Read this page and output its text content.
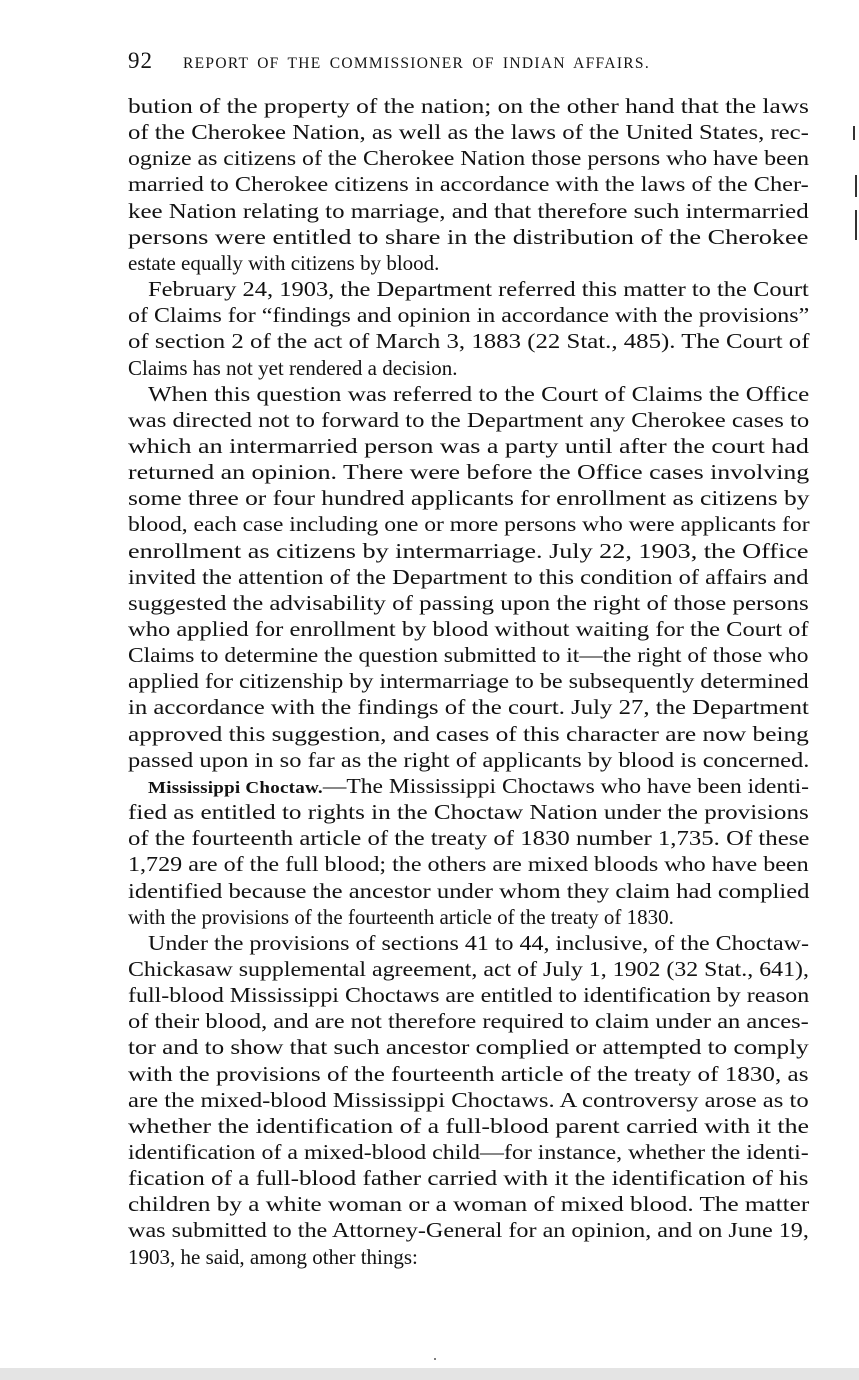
92 REPORT OF THE COMMISSIONER OF INDIAN AFFAIRS.
bution of the property of the nation; on the other hand that the laws
of the Cherokee Nation, as well as the laws of the United States, rec-
ognize as citizens of the Cherokee Nation those persons who have been
married to Cherokee citizens in accordance with the laws of the Cher-
kee Nation relating to marriage, and that therefore such intermarried
persons were entitled to share in the distribution of the Cherokee
estate equally with citizens by blood.
February 24, 1903, the Department referred this matter to the Court
of Claims for “findings and opinion in accordance with the provisions”
of section 2 of the act of March 3, 1883 (22 Stat., 485). The Court of
Claims has not yet rendered a decision.
When this question was referred to the Court of Claims the Office
was directed not to forward to the Department any Cherokee cases to
which an intermarried person was a party until after the court had
returned an opinion. There were before the Office cases involving
some three or four hundred applicants for enrollment as citizens by
blood, each case including one or more persons who were applicants for
enrollment as citizens by intermarriage. July 22, 1903, the Office
invited the attention of the Department to this condition of affairs and
suggested the advisability of passing upon the right of those persons
who applied for enrollment by blood without waiting for the Court of
Claims to determine the question submitted to it—the right of those who
applied for citizenship by intermarriage to be subsequently determined
in accordance with the findings of the court. July 27, the Department
approved this suggestion, and cases of this character are now being
passed upon in so far as the right of applicants by blood is concerned.
Mississippi Choctaw.—The Mississippi Choctaws who have been identi-
fied as entitled to rights in the Choctaw Nation under the provisions
of the fourteenth article of the treaty of 1830 number 1,735. Of these
1,729 are of the full blood; the others are mixed bloods who have been
identified because the ancestor under whom they claim had complied
with the provisions of the fourteenth article of the treaty of 1830.
Under the provisions of sections 41 to 44, inclusive, of the Choctaw-
Chickasaw supplemental agreement, act of July 1, 1902 (32 Stat., 641),
full-blood Mississippi Choctaws are entitled to identification by reason
of their blood, and are not therefore required to claim under an ances-
tor and to show that such ancestor complied or attempted to comply
with the provisions of the fourteenth article of the treaty of 1830, as
are the mixed-blood Mississippi Choctaws. A controversy arose as to
whether the identification of a full-blood parent carried with it the
identification of a mixed-blood child—for instance, whether the identi-
fication of a full-blood father carried with it the identification of his
children by a white woman or a woman of mixed blood. The matter
was submitted to the Attorney-General for an opinion, and on June 19,
1903, he said, among other things:
